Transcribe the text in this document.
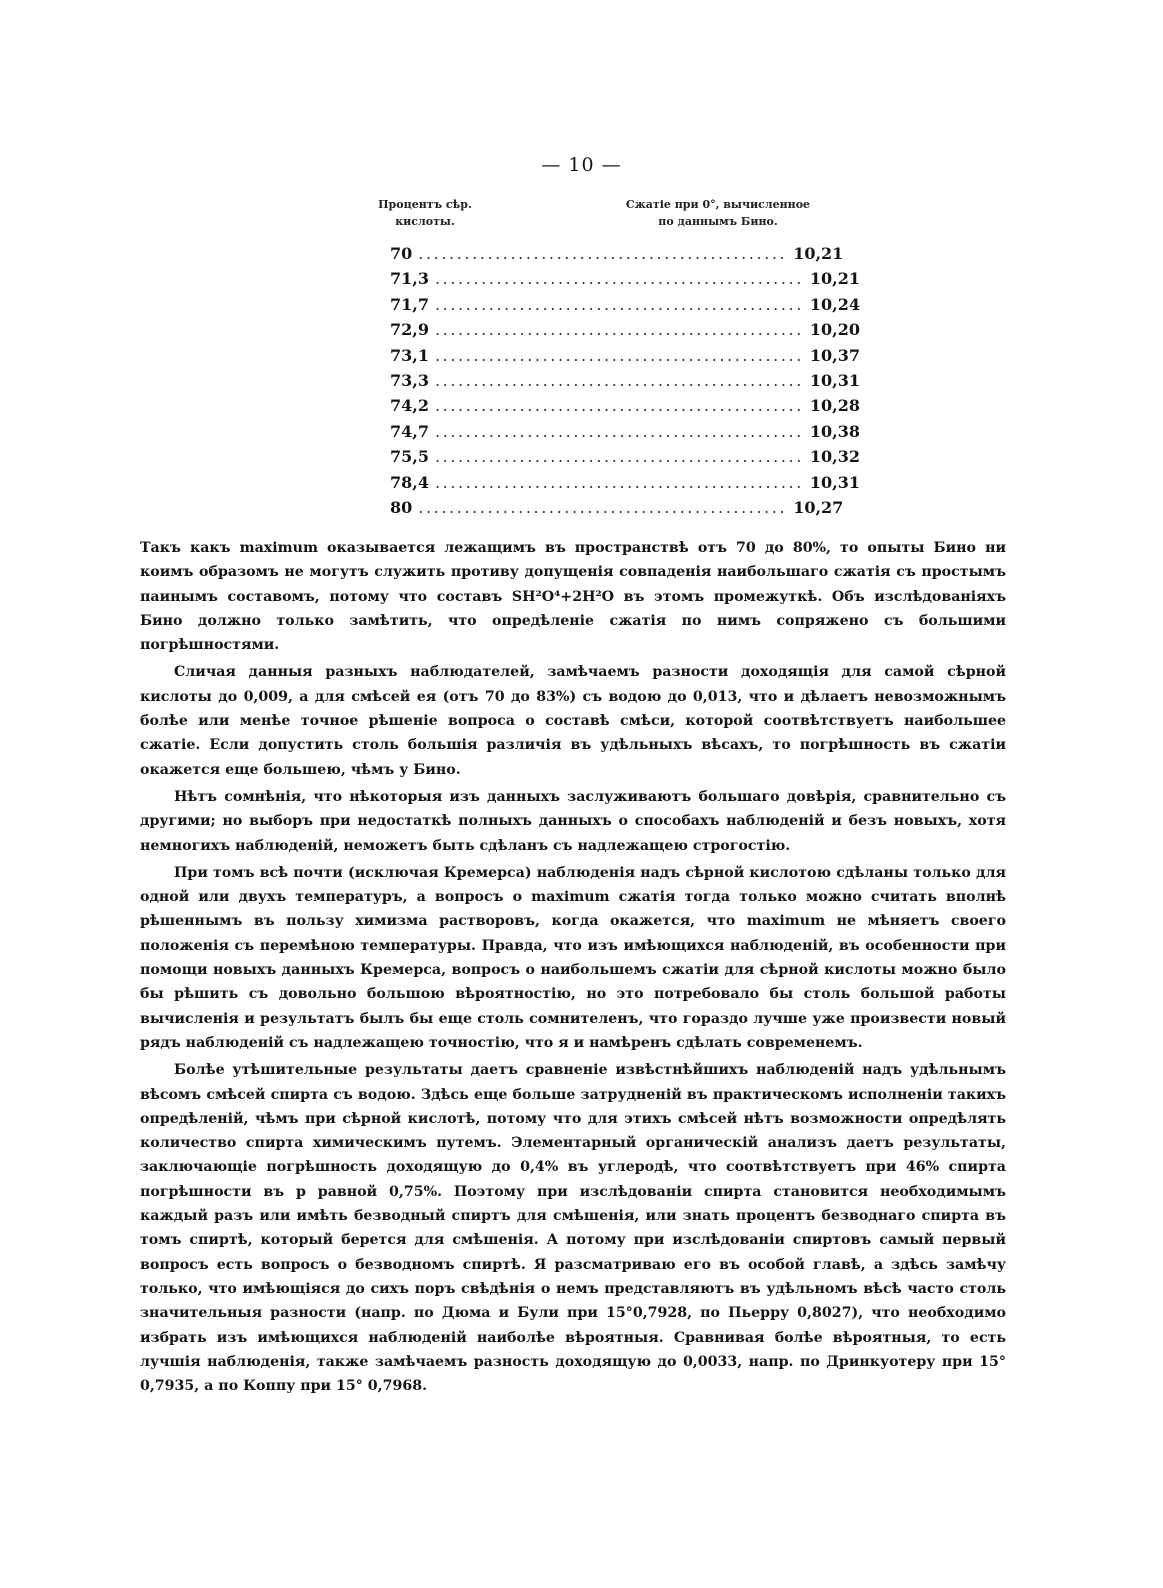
— 10 —
Процентъ сѣр. кислоты.
Сжатіе при 0°, вычисленное по даннымъ Бино.
70 ................................................ 10,21
71,3 ................................................ 10,21
71,7 ................................................ 10,24
72,9 ................................................ 10,20
73,1 ................................................ 10,37
73,3 ................................................ 10,31
74,2 ................................................ 10,28
74,7 ................................................ 10,38
75,5 ................................................ 10,32
78,4 ................................................ 10,31
80 ................................................ 10,27

Такъ какъ maximum оказывается лежащимъ въ пространствѣ отъ 70 до 80%, то опыты Бино ни коимъ образомъ не могутъ служить противу допущенія совпаденія наибольшаго сжатія съ простымъ паинымъ составомъ, потому что составъ SH²O⁴+2H²O въ этомъ промежуткѣ. Объ изслѣдованіяхъ Бино должно только замѣтить, что опредѣленіе сжатія по нимъ сопряжено съ большими погрѣшностями.

Сличая данныя разныхъ наблюдателей, замѣчаемъ разности доходящія для самой сѣрной кислоты до 0,009, а для смѣсей ея (отъ 70 до 83%) съ водою до 0,013, что и дѣлаетъ невозможнымъ болѣе или менѣе точное рѣшеніе вопроса о составѣ смѣси, которой соотвѣтствуетъ наибольшее сжатіе. Если допустить столь большія различія въ удѣльныхъ вѣсахъ, то погрѣшность въ сжатіи окажется еще большею, чѣмъ у Бино.

Нѣтъ сомнѣнія, что нѣкоторыя изъ данныхъ заслуживаютъ большаго довѣрія, сравнительно съ другими; но выборъ при недостаткѣ полныхъ данныхъ о способахъ наблюденій и безъ новыхъ, хотя немногихъ наблюденій, неможетъ быть сдѣланъ съ надлежащею строгостію.

При томъ всѣ почти (исключая Кремерса) наблюденія надъ сѣрной кислотою сдѣланы только для одной или двухъ температуръ, а вопросъ о maximum сжатія тогда только можно считать вполнѣ рѣшеннымъ въ пользу химизма растворовъ, когда окажется, что maximum не мѣняетъ своего положенія съ перемѣною температуры. Правда, что изъ имѣющихся наблюденій, въ особенности при помощи новыхъ данныхъ Кремерса, вопросъ о наибольшемъ сжатіи для сѣрной кислоты можно было бы рѣшить съ довольно большою вѣроятностію, но это потребовало бы столь большой работы вычисленія и результатъ былъ бы еще столь сомнителенъ, что гораздо лучше уже произвести новый рядъ наблюденій съ надлежащею точностію, что я и намѣренъ сдѣлать современемъ.

Болѣе утѣшительные результаты даетъ сравненіе извѣстнѣйшихъ наблюденій надъ удѣльнымъ вѣсомъ смѣсей спирта съ водою. Здѣсь еще больше затрудненій въ практическомъ исполненіи такихъ опредѣленій, чѣмъ при сѣрной кислотѣ, потому что для этихъ смѣсей нѣтъ возможности опредѣлять количество спирта химическимъ путемъ. Элементарный органическій анализъ даетъ результаты, заключающіе погрѣшность доходящую до 0,4% въ углеродѣ, что соотвѣтствуетъ при 46% спирта погрѣшности въ р равной 0,75%. Поэтому при изслѣдованіи спирта становится необходимымъ каждый разъ или имѣть безводный спиртъ для смѣшенія, или знать процентъ безводнаго спирта въ томъ спиртѣ, который берется для смѣшенія. А потому при изслѣдованіи спиртовъ самый первый вопросъ есть вопросъ о безводномъ спиртѣ. Я разсматриваю его въ особой главѣ, а здѣсь замѣчу только, что имѣющіяся до сихъ поръ свѣдѣнія о немъ представляютъ въ удѣльномъ вѣсѣ часто столь значительныя разности (напр. по Дюма и Були при 15°0,7928, по Пьерру 0,8027), что необходимо избрать изъ имѣющихся наблюденій наиболѣе вѣроятныя. Сравнивая болѣе вѣроятныя, то есть лучшія наблюденія, также замѣчаемъ разность доходящую до 0,0033, напр. по Дринкуотеру при 15° 0,7935, а по Коппу при 15° 0,7968.
